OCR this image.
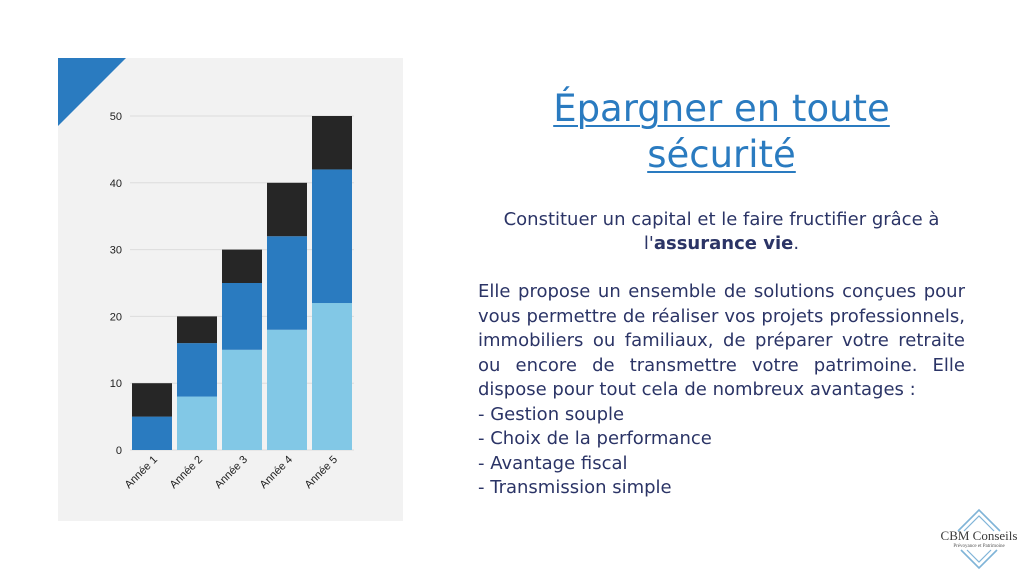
0
10
20
30
40
50
Année 1 Année 2 Année 3 Année 4 Année 5
Épargner en toute sécurité

Constituer un capital et le faire fructifier grâce à l'assurance vie.

Elle propose un ensemble de solutions conçues pour vous permettre de réaliser vos projets professionnels, immobiliers ou familiaux, de préparer votre retraite ou encore de transmettre votre patrimoine. Elle dispose pour tout cela de nombreux avantages :

- Gestion souple
- Choix de la performance
- Avantage fiscal
- Transmission simple
CBM Conseils
Prévoyance et Patrimoine
